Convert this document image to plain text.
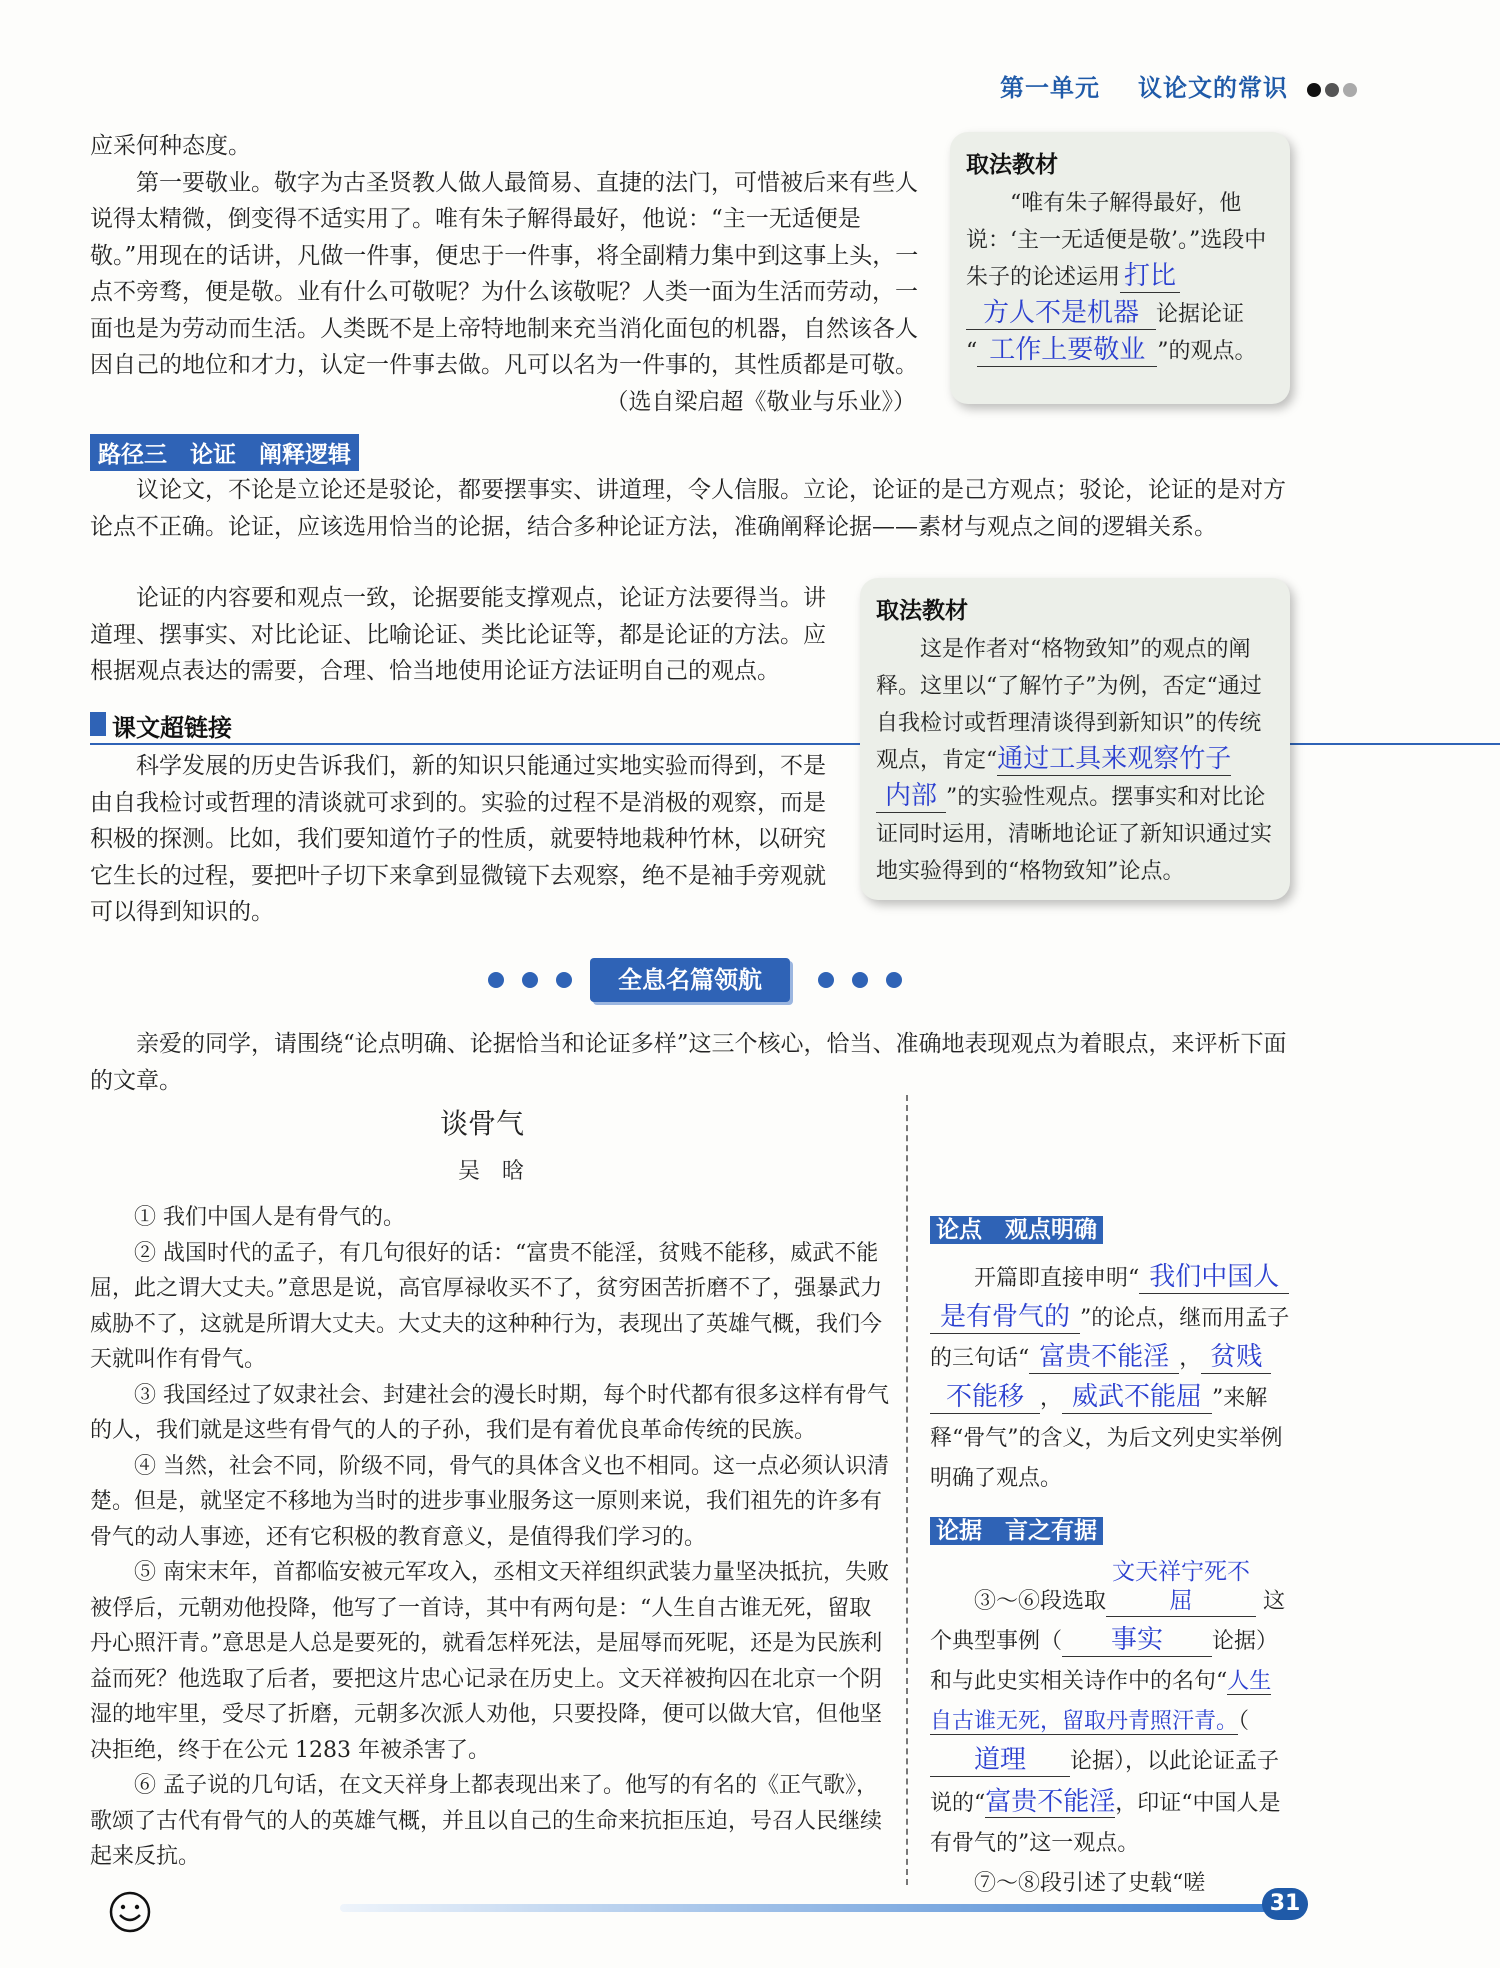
第一单元 议论文的常识

应采何种态度。

第一要敬业。敬字为古圣贤教人做人最简易、直捷的法门，可惜被后来有些人说得太精微，倒变得不适实用了。唯有朱子解得最好，他说：“主一无适便是敬。”用现在的话讲，凡做一件事，便忠于一件事，将全副精力集中到这事上头，一点不旁骛，便是敬。业有什么可敬呢？为什么该敬呢？人类一面为生活而劳动，一面也是为劳动而生活。人类既不是上帝特地制来充当消化面包的机器，自然该各人因自己的地位和才力，认定一件事去做。凡可以名为一件事的，其性质都是可敬。

（选自梁启超《敬业与乐业》）

取法教材
“唯有朱子解得最好，他说：‘主一无适便是敬’。”选段中朱子的论述运用 打比
方人不是机器 论据论证
“ 工作上要敬业 ”的观点。
路径三　论证　阐释逻辑

议论文，不论是立论还是驳论，都要摆事实、讲道理，令人信服。立论，论证的是己方观点；驳论，论证的是对方论点不正确。论证，应该选用恰当的论据，结合多种论证方法，准确阐释论据——素材与观点之间的逻辑关系。

论证的内容要和观点一致，论据要能支撑观点，论证方法要得当。讲道理、摆事实、对比论证、比喻论证、类比论证等，都是论证的方法。应根据观点表达的需要，合理、恰当地使用论证方法证明自己的观点。

课文超链接

科学发展的历史告诉我们，新的知识只能通过实地实验而得到，不是由自我检讨或哲理的清谈就可求到的。实验的过程不是消极的观察，而是积极的探测。比如，我们要知道竹子的性质，就要特地栽种竹林，以研究它生长的过程，要把叶子切下来拿到显微镜下去观察，绝不是袖手旁观就可以得到知识的。

取法教材
这是作者对“格物致知”的观点的阐释。这里以“了解竹子”为例，否定“通过自我检讨或哲理清谈得到新知识”的传统观点，肯定“通过工具来观察竹子内部 ”的实验性观点。摆事实和对比论证同时运用，清晰地论证了新知识通过实地实验得到的“格物致知”论点。
全息名篇领航

亲爱的同学，请围绕“论点明确、论据恰当和论证多样”这三个核心，恰当、准确地表现观点为着眼点，来评析下面的文章。

谈骨气
吴　晗

① 我们中国人是有骨气的。

② 战国时代的孟子，有几句很好的话：“富贵不能淫，贫贱不能移，威武不能屈，此之谓大丈夫。”意思是说，高官厚禄收买不了，贫穷困苦折磨不了，强暴武力威胁不了，这就是所谓大丈夫。大丈夫的这种种行为，表现出了英雄气概，我们今天就叫作有骨气。

③ 我国经过了奴隶社会、封建社会的漫长时期，每个时代都有很多这样有骨气的人，我们就是这些有骨气的人的子孙，我们是有着优良革命传统的民族。

④ 当然，社会不同，阶级不同，骨气的具体含义也不相同。这一点必须认识清楚。但是，就坚定不移地为当时的进步事业服务这一原则来说，我们祖先的许多有骨气的动人事迹，还有它积极的教育意义，是值得我们学习的。

⑤ 南宋末年，首都临安被元军攻入，丞相文天祥组织武装力量坚决抵抗，失败被俘后，元朝劝他投降，他写了一首诗，其中有两句是：“人生自古谁无死，留取丹心照汗青。”意思是人总是要死的，就看怎样死法，是屈辱而死呢，还是为民族利益而死？他选取了后者，要把这片忠心记录在历史上。文天祥被拘囚在北京一个阴湿的地牢里，受尽了折磨，元朝多次派人劝他，只要投降，便可以做大官，但他坚决拒绝，终于在公元 1283 年被杀害了。

⑥ 孟子说的几句话，在文天祥身上都表现出来了。他写的有名的《正气歌》，歌颂了古代有骨气的人的英雄气概，并且以自己的生命来抗拒压迫，号召人民继续起来反抗。

论点　观点明确
开篇即直接申明“ 我们中国人 是有骨气的 ”的论点，继而用孟子的三句话“ 富贵不能淫 ， 贫贱 不能移 ， 威武不能屈 ”来解释“骨气”的含义，为后文列史实举例明确了观点。
论据　言之有据
③～⑥段选取文天祥宁死不屈	这个典型事例（ 事实 论据）和与此史实相关诗作中的名句“人生自古谁无死，留取丹青照汗青。（道理 论据），以此论证孟子说的“富贵不能淫，印证“中国人是有骨气的”这一观点。
⑦～⑧段引述了史载“嗟
31
